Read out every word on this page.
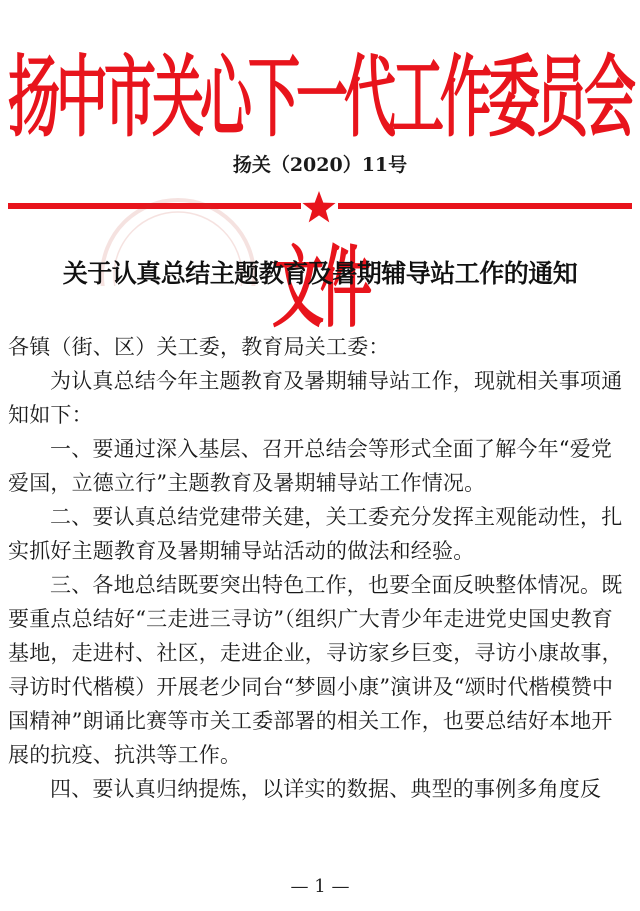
扬中市关心下一代工作委员会文件
扬关（2020）11号
关于认真总结主题教育及暑期辅导站工作的通知

各镇（街、区）关工委，教育局关工委：

为认真总结今年主题教育及暑期辅导站工作，现就相关事项通知如下：

一、要通过深入基层、召开总结会等形式全面了解今年“爱党爱国，立德立行”主题教育及暑期辅导站工作情况。

二、要认真总结党建带关建，关工委充分发挥主观能动性，扎实抓好主题教育及暑期辅导站活动的做法和经验。

三、各地总结既要突出特色工作，也要全面反映整体情况。既要重点总结好“三走进三寻访”（组织广大青少年走进党史国史教育基地，走进村、社区，走进企业，寻访家乡巨变，寻访小康故事，寻访时代楷模）开展老少同台“梦圆小康”演讲及“颂时代楷模赞中国精神”朗诵比赛等市关工委部署的相关工作，也要总结好本地开展的抗疫、抗洪等工作。

四、要认真归纳提炼，以详实的数据、典型的事例多角度反

— 1 —
